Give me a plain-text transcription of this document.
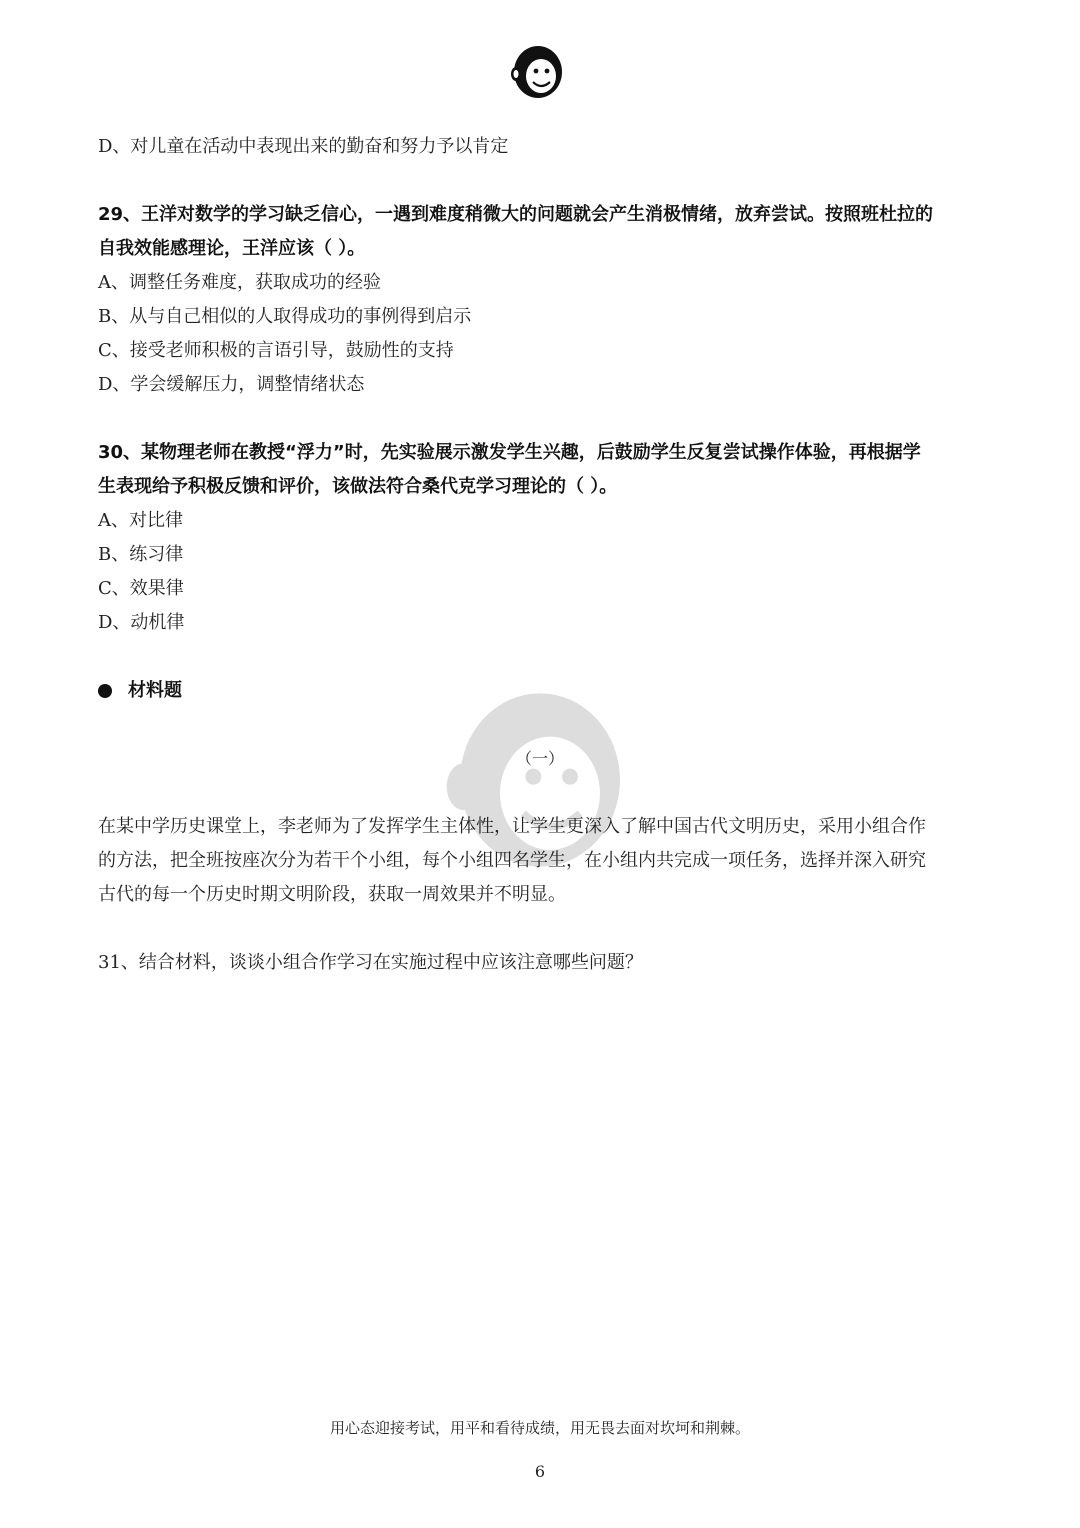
D、对儿童在活动中表现出来的勤奋和努力予以肯定
29、王洋对数学的学习缺乏信心，一遇到难度稍微大的问题就会产生消极情绪，放弃尝试。按照班杜拉的
自我效能感理论，王洋应该（ ）。
A、调整任务难度，获取成功的经验
B、从与自己相似的人取得成功的事例得到启示
C、接受老师积极的言语引导，鼓励性的支持
D、学会缓解压力，调整情绪状态
30、某物理老师在教授“浮力”时，先实验展示激发学生兴趣，后鼓励学生反复尝试操作体验，再根据学
生表现给予积极反馈和评价，该做法符合桑代克学习理论的（ ）。
A、对比律
B、练习律
C、效果律
D、动机律
材料题
（一）
在某中学历史课堂上，李老师为了发挥学生主体性，让学生更深入了解中国古代文明历史，采用小组合作
的方法，把全班按座次分为若干个小组，每个小组四名学生，在小组内共完成一项任务，选择并深入研究
古代的每一个历史时期文明阶段，获取一周效果并不明显。
31、结合材料，谈谈小组合作学习在实施过程中应该注意哪些问题？
用心态迎接考试，用平和看待成绩，用无畏去面对坎坷和荆棘。
6
